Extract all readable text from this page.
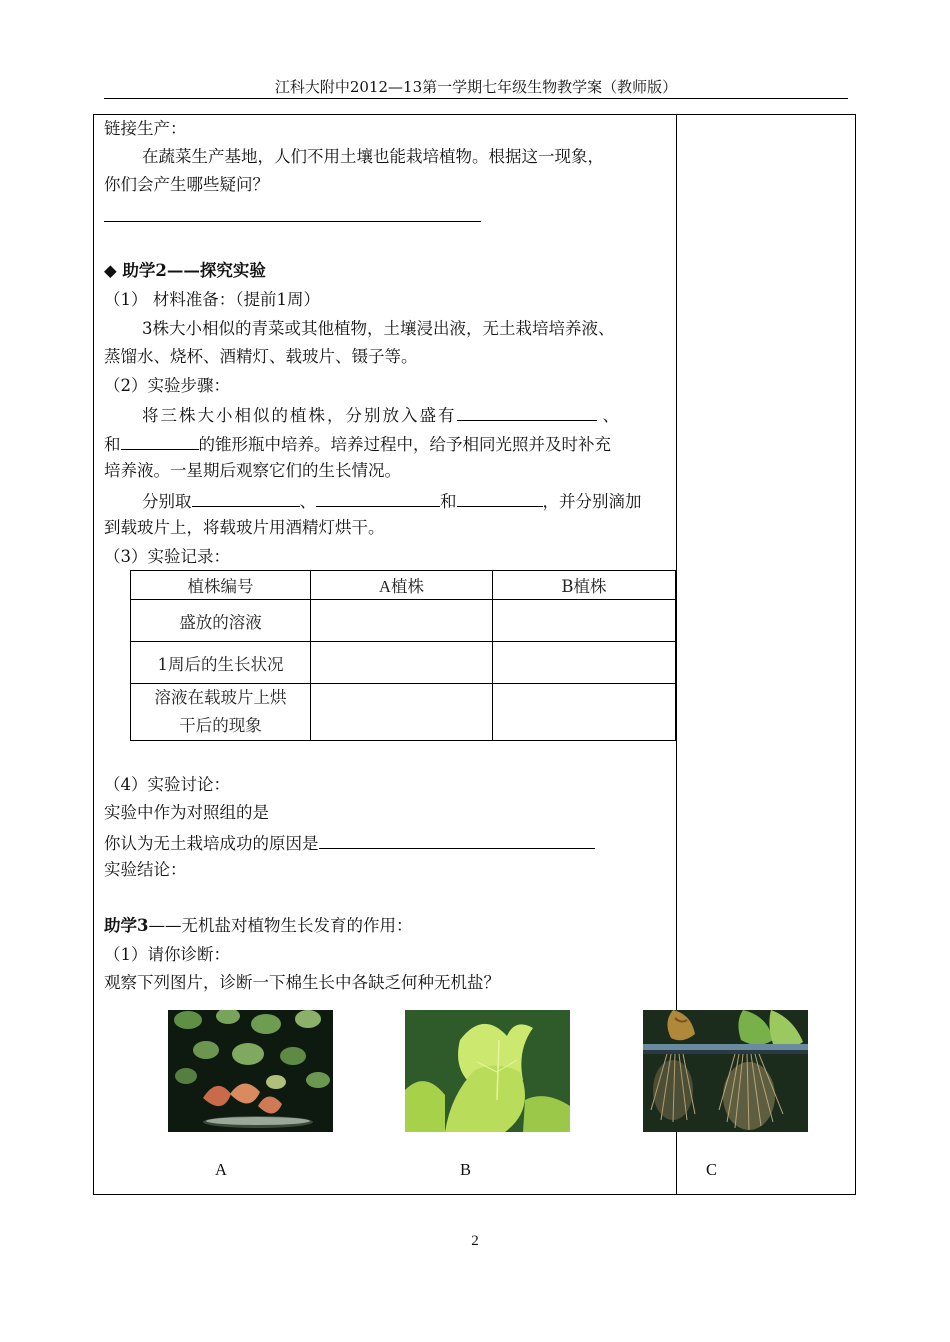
江科大附中2012—13第一学期七年级生物教学案（教师版）
链接生产：
在蔬菜生产基地，人们不用土壤也能栽培植物。根据这一现象，
你们会产生哪些疑问？
◆ 助学2——探究实验
（1） 材料准备：（提前1周）
3株大小相似的青菜或其他植物，土壤浸出液，无土栽培培养液、
蒸馏水、烧杯、酒精灯、载玻片、镊子等。
（2）实验步骤：
将三株大小相似的植株，分别放入盛有	、
和	的锥形瓶中培养。培养过程中，给予相同光照并及时补充
培养液。一星期后观察它们的生长情况。
分别取	、	和	，并分别滴加
到载玻片上，将载玻片用酒精灯烘干。
（3）实验记录：
植株编号	A植株	B植株
盛放的溶液		
1周后的生长状况		
溶液在载玻片上烘
干后的现象		
（4）实验讨论：
实验中作为对照组的是
你认为无土栽培成功的原因是
实验结论：
助学3——无机盐对植物生长发育的作用：
（1）请你诊断：
观察下列图片，诊断一下棉生长中各缺乏何种无机盐？
A	B	C
2
